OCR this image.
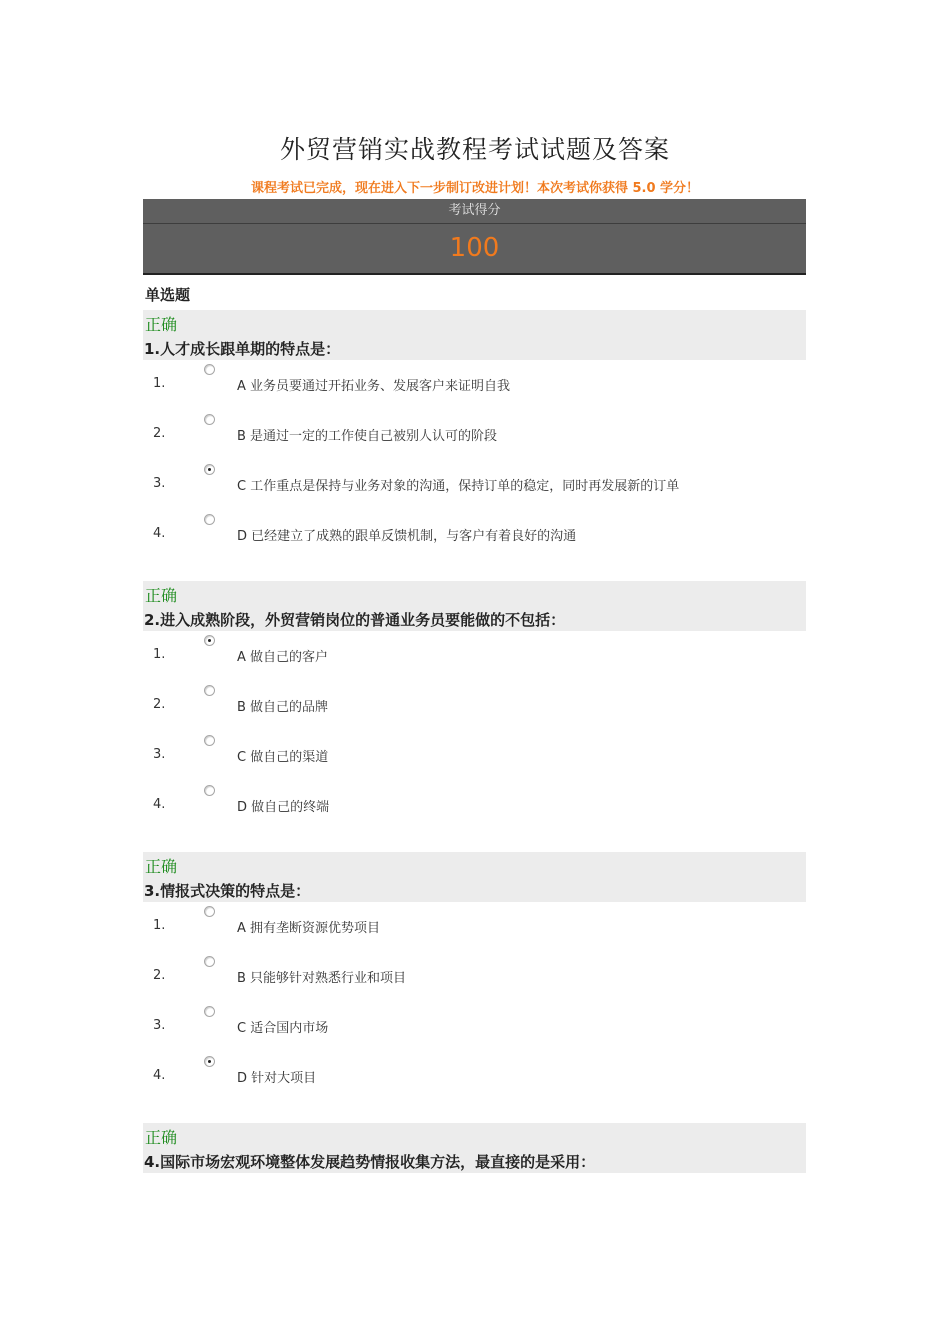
外贸营销实战教程考试试题及答案
课程考试已完成，现在进入下一步制订改进计划！本次考试你获得 5.0 学分！
考试得分
100
单选题
正确
1.人才成长跟单期的特点是：
1.	A 业务员要通过开拓业务、发展客户来证明自我
2.	B 是通过一定的工作使自己被别人认可的阶段
3.	C 工作重点是保持与业务对象的沟通，保持订单的稳定，同时再发展新的订单
4.	D 已经建立了成熟的跟单反馈机制，与客户有着良好的沟通
正确
2.进入成熟阶段，外贸营销岗位的普通业务员要能做的不包括：
1.	A 做自己的客户
2.	B 做自己的品牌
3.	C 做自己的渠道
4.	D 做自己的终端
正确
3.情报式决策的特点是：
1.	A 拥有垄断资源优势项目
2.	B 只能够针对熟悉行业和项目
3.	C 适合国内市场
4.	D 针对大项目
正确
4.国际市场宏观环境整体发展趋势情报收集方法，最直接的是采用：
